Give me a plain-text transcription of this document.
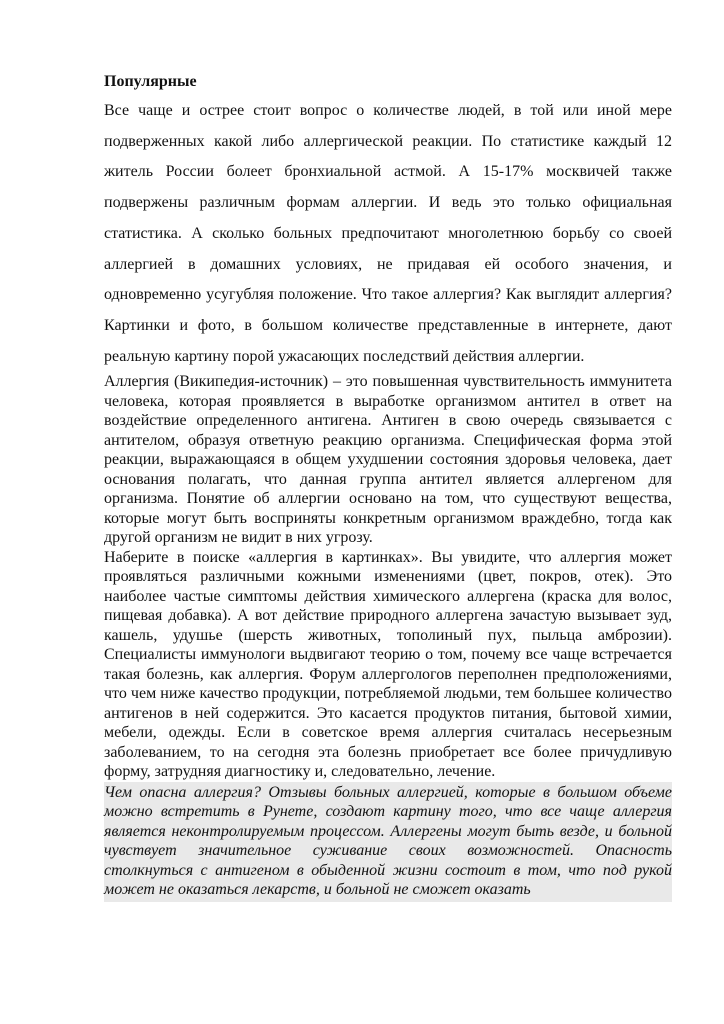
Популярные

Все чаще и острее стоит вопрос о количестве людей, в той или иной мере подверженных какой либо аллергической реакции. По статистике каждый 12 житель России болеет бронхиальной астмой. А 15-17% москвичей также подвержены различным формам аллергии. И ведь это только официальная статистика. А сколько больных предпочитают многолетнюю борьбу со своей аллергией в домашних условиях, не придавая ей особого значения, и одновременно усугубляя положение. Что такое аллергия? Как выглядит аллергия? Картинки и фото, в большом количестве представленные в интернете, дают реальную картину порой ужасающих последствий действия аллергии.

Аллергия (Википедия-источник) – это повышенная чувствительность иммунитета человека, которая проявляется в выработке организмом антител в ответ на воздействие определенного антигена. Антиген в свою очередь связывается с антителом, образуя ответную реакцию организма. Специфическая форма этой реакции, выражающаяся в общем ухудшении состояния здоровья человека, дает основания полагать, что данная группа антител является аллергеном для организма. Понятие об аллергии основано на том, что существуют вещества, которые могут быть восприняты конкретным организмом враждебно, тогда как другой организм не видит в них угрозу.

Наберите в поиске «аллергия в картинках». Вы увидите, что аллергия может проявляться различными кожными изменениями (цвет, покров, отек). Это наиболее частые симптомы действия химического аллергена (краска для волос, пищевая добавка). А вот действие природного аллергена зачастую вызывает зуд, кашель, удушье (шерсть животных, тополиный пух, пыльца амброзии). Специалисты иммунологи выдвигают теорию о том, почему все чаще встречается такая болезнь, как аллергия. Форум аллергологов переполнен предположениями, что чем ниже качество продукции, потребляемой людьми, тем большее количество антигенов в ней содержится. Это касается продуктов питания, бытовой химии, мебели, одежды. Если в советское время аллергия считалась несерьезным заболеванием, то на сегодня эта болезнь приобретает все более причудливую форму, затрудняя диагностику и, следовательно, лечение.

Чем опасна аллергия? Отзывы больных аллергией, которые в большом объеме можно встретить в Рунете, создают картину того, что все чаще аллергия является неконтролируемым процессом. Аллергены могут быть везде, и больной чувствует значительное суживание своих возможностей. Опасность столкнуться с антигеном в обыденной жизни состоит в том, что под рукой может не оказаться лекарств, и больной не сможет оказать
